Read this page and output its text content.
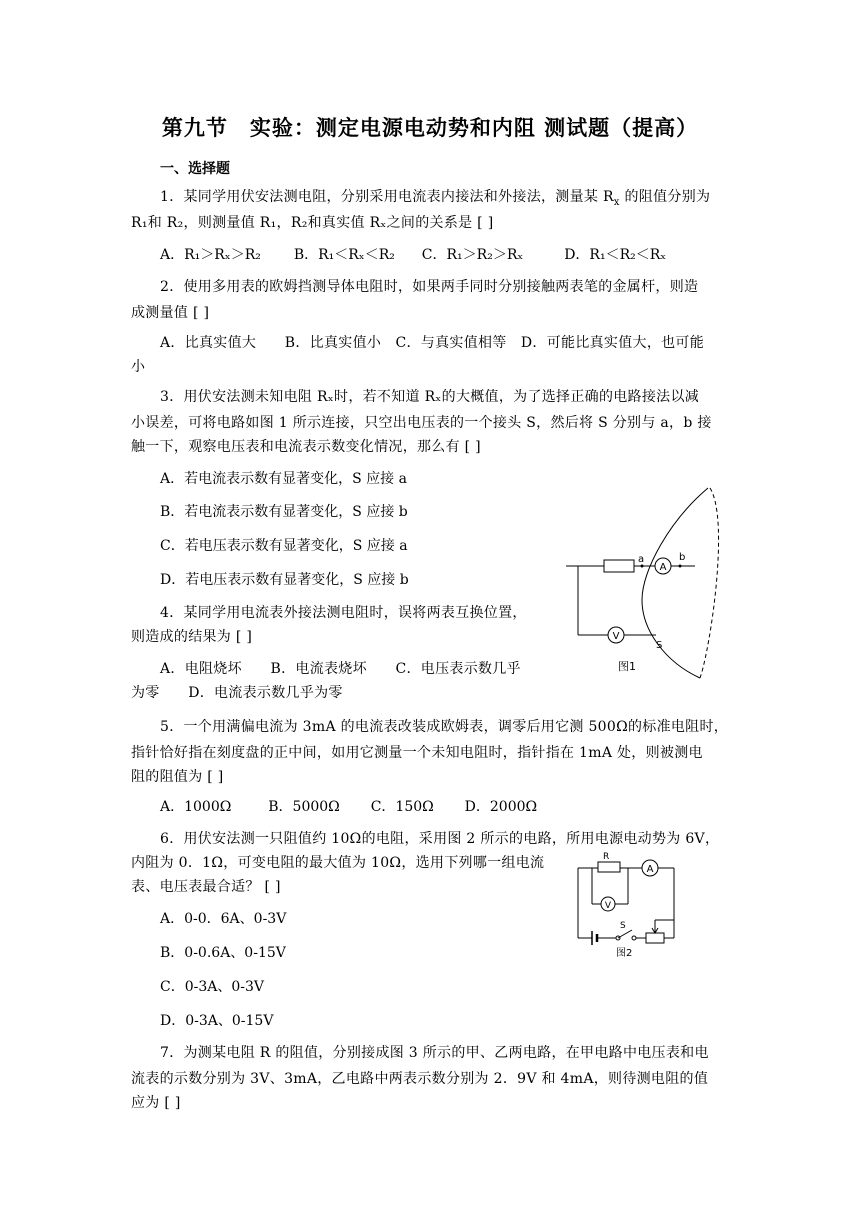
第九节　实验：测定电源电动势和内阻 测试题（提高）
一、选择题
1．某同学用伏安法测电阻，分别采用电流表内接法和外接法，测量某 $R_x$ 的阻值分别为
R₁和 R₂，则测量值 R₁，R₂和真实值 Rₓ之间的关系是 [ ]
A．R₁＞Rₓ＞R₂ B．R₁＜Rₓ＜R₂ C．R₁＞R₂＞Rₓ	D．R₁＜R₂＜Rₓ
2．使用多用表的欧姆挡测导体电阻时，如果两手同时分别接触两表笔的金属杆，则造
成测量值 [ ]
A．比真实值大　　B．比真实值小　C．与真实值相等　D．可能比真实值大，也可能
小
3．用伏安法测未知电阻 Rₓ时，若不知道 Rₓ的大概值，为了选择正确的电路接法以减
小误差，可将电路如图 1 所示连接，只空出电压表的一个接头 S，然后将 S 分别与 a，b 接
触一下，观察电压表和电流表示数变化情况，那么有 [ ]
A．若电流表示数有显著变化，S 应接 a
B．若电流表示数有显著变化，S 应接 b
C．若电压表示数有显著变化，S 应接 a
D．若电压表示数有显著变化，S 应接 b
4．某同学用电流表外接法测电阻时，误将两表互换位置，
则造成的结果为 [ ]
A．电阻烧坏　　B．电流表烧坏　　C．电压表示数几乎
为零　　D．电流表示数几乎为零
A
a	b
V
S
图1
5．一个用满偏电流为 3mA 的电流表改装成欧姆表，调零后用它测 500Ω的标准电阻时，
指针恰好指在刻度盘的正中间，如用它测量一个未知电阻时，指针指在 1mA 处，则被测电
阻的阻值为 [ ]
A．1000Ω	B．5000Ω C．150Ω D．2000Ω
6．用伏安法测一只阻值约 10Ω的电阻，采用图 2 所示的电路，所用电源电动势为 6V，
内阻为 0．1Ω，可变电阻的最大值为 10Ω，选用下列哪一组电流
表、电压表最合适？ [ ]
A．0-0．6A、0-3V
B．0-0.6A、0-15V
C．0-3A、0-3V
D．0-3A、0-15V
R
A
V
S
图2
7．为测某电阻 R 的阻值，分别接成图 3 所示的甲、乙两电路，在甲电路中电压表和电
流表的示数分别为 3V、3mA，乙电路中两表示数分别为 2．9V 和 4mA，则待测电阻的值
应为 [ ]
